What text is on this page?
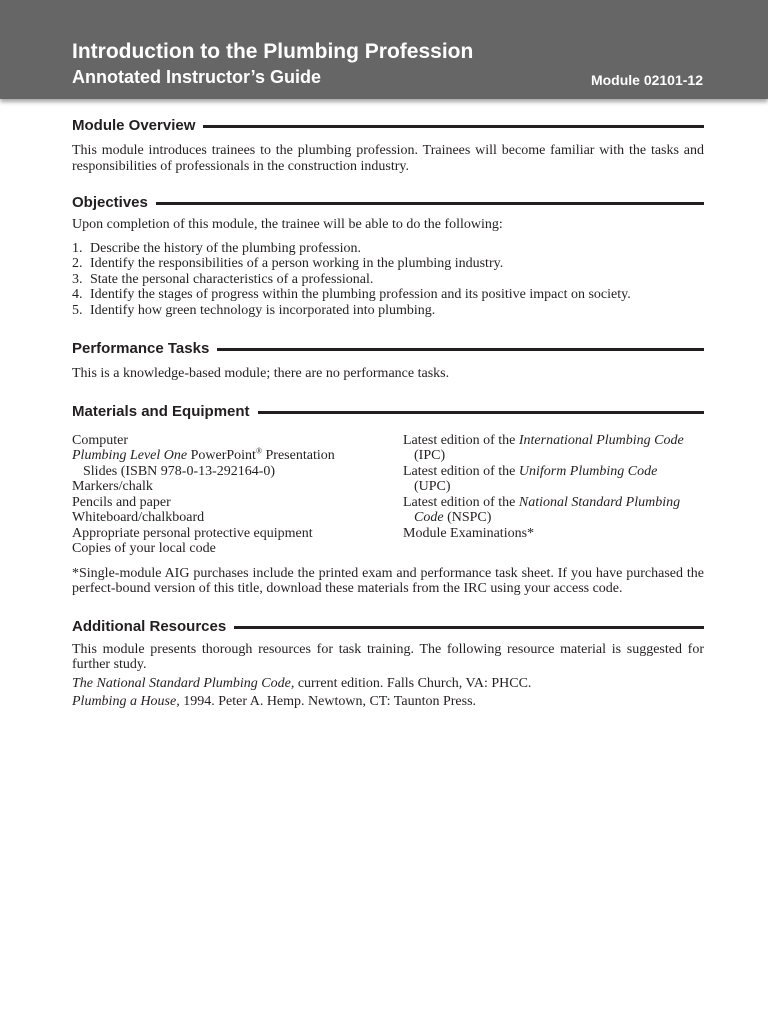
Introduction to the Plumbing Profession
Annotated Instructor’s Guide	Module 02101-12
Module Overview

This module introduces trainees to the plumbing profession. Trainees will become familiar with the tasks and responsibilities of professionals in the construction industry.

Objectives

Upon completion of this module, the trainee will be able to do the following:

1. Describe the history of the plumbing profession.
2. Identify the responsibilities of a person working in the plumbing industry.
3. State the personal characteristics of a professional.
4. Identify the stages of progress within the plumbing profession and its positive impact on society.
5. Identify how green technology is incorporated into plumbing.
Performance Tasks

This is a knowledge-based module; there are no performance tasks.

Materials and Equipment
Computer
Plumbing Level One PowerPoint® Presentation
Slides (ISBN 978-0-13-292164-0)
Markers/chalk
Pencils and paper
Whiteboard/chalkboard
Appropriate personal protective equipment
Copies of your local code
Latest edition of the International Plumbing Code
(IPC)
Latest edition of the Uniform Plumbing Code
(UPC)
Latest edition of the National Standard Plumbing
Code (NSPC)
Module Examinations*

*Single-module AIG purchases include the printed exam and performance task sheet. If you have purchased the perfect-bound version of this title, download these materials from the IRC using your access code.

Additional Resources

This module presents thorough resources for task training. The following resource material is suggested for further study.

The National Standard Plumbing Code, current edition. Falls Church, VA: PHCC.

Plumbing a House, 1994. Peter A. Hemp. Newtown, CT: Taunton Press.
